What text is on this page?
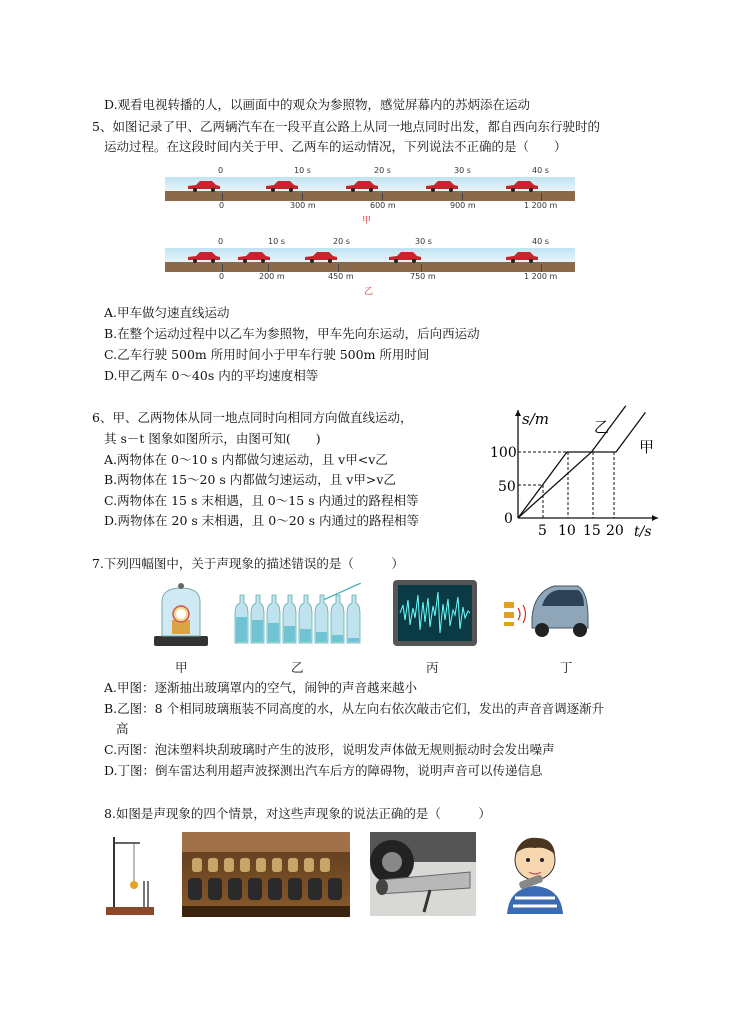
D.观看电视转播的人，以画面中的观众为参照物，感觉屏幕内的苏炳添在运动
5、如图记录了甲、乙两辆汽车在一段平直公路上从同一地点同时出发，都自西向东行驶时的
运动过程。在这段时间内关于甲、乙两车的运动情况，下列说法不正确的是（　　）
0	10 s	20 s	30 s	40 s
0	300 m	600 m	900 m	1 200 m
甲
0	10 s	20 s	30 s	40 s
0	200 m	450 m	750 m	1 200 m
乙
A.甲车做匀速直线运动
B.在整个运动过程中以乙车为参照物，甲车先向东运动，后向西运动
C.乙车行驶 500m 所用时间小于甲车行驶 500m 所用时间
D.甲乙两车 0～40s 内的平均速度相等
6、甲、乙两物体从同一地点同时向相同方向做直线运动，
其 s－t 图象如图所示，由图可知(　　)
A.两物体在 0～10 s 内都做匀速运动，且 v甲<v乙
B.两物体在 15～20 s 内都做匀速运动，且 v甲>v乙
C.两物体在 15 s 末相遇，且 0～15 s 内通过的路程相等
D.两物体在 20 s 末相遇，且 0～20 s 内通过的路程相等
s/m
t/s
100
50
0
5 10 15 20
乙
甲
7.下列四幅图中，关于声现象的描述错误的是（　　　）
甲	乙	丙	丁
A.甲图：逐渐抽出玻璃罩内的空气，闹钟的声音越来越小
B.乙图：8 个相同玻璃瓶装不同高度的水，从左向右依次敲击它们，发出的声音音调逐渐升
高
C.丙图：泡沫塑料块刮玻璃时产生的波形，说明发声体做无规则振动时会发出噪声
D.丁图：倒车雷达利用超声波探测出汽车后方的障碍物，说明声音可以传递信息
8.如图是声现象的四个情景，对这些声现象的说法正确的是（　　　）
